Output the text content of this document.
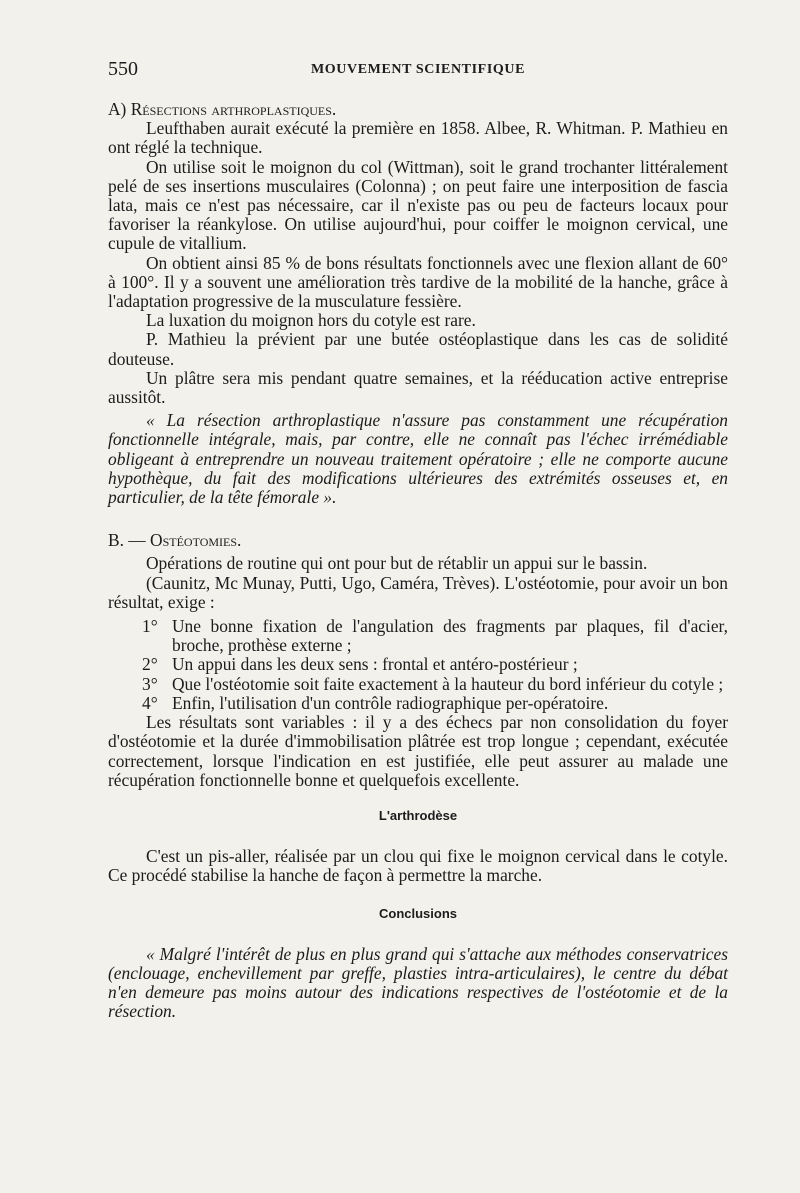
550	MOUVEMENT SCIENTIFIQUE

A) Résections arthroplastiques.

Leufthaben aurait exécuté la première en 1858. Albee, R. Whitman. P. Mathieu en ont réglé la technique.

On utilise soit le moignon du col (Wittman), soit le grand trochanter littéralement pelé de ses insertions musculaires (Colonna) ; on peut faire une interposition de fascia lata, mais ce n'est pas nécessaire, car il n'existe pas ou peu de facteurs locaux pour favoriser la réankylose. On utilise aujourd'hui, pour coiffer le moignon cervical, une cupule de vitallium.

On obtient ainsi 85 % de bons résultats fonctionnels avec une flexion allant de 60° à 100°. Il y a souvent une amélioration très tardive de la mobilité de la hanche, grâce à l'adaptation progressive de la musculature fessière.

La luxation du moignon hors du cotyle est rare.

P. Mathieu la prévient par une butée ostéoplastique dans les cas de solidité douteuse.

Un plâtre sera mis pendant quatre semaines, et la rééducation active entreprise aussitôt.

« La résection arthroplastique n'assure pas constamment une récupération fonctionnelle intégrale, mais, par contre, elle ne connaît pas l'échec irrémédiable obligeant à entreprendre un nouveau traitement opératoire ; elle ne comporte aucune hypothèque, du fait des modifications ultérieures des extrémités osseuses et, en particulier, de la tête fémorale ».

B. — Ostéotomies.

Opérations de routine qui ont pour but de rétablir un appui sur le bassin.

(Caunitz, Mc Munay, Putti, Ugo, Caméra, Trèves). L'ostéotomie, pour avoir un bon résultat, exige :

1° Une bonne fixation de l'angulation des fragments par plaques, fil d'acier, broche, prothèse externe ;
2° Un appui dans les deux sens : frontal et antéro-postérieur ;
3° Que l'ostéotomie soit faite exactement à la hauteur du bord inférieur du cotyle ;
4° Enfin, l'utilisation d'un contrôle radiographique per-opératoire.

Les résultats sont variables : il y a des échecs par non consolidation du foyer d'ostéotomie et la durée d'immobilisation plâtrée est trop longue ; cependant, exécutée correctement, lorsque l'indication en est justifiée, elle peut assurer au malade une récupération fonctionnelle bonne et quelquefois excellente.

L'arthrodèse

C'est un pis-aller, réalisée par un clou qui fixe le moignon cervical dans le cotyle. Ce procédé stabilise la hanche de façon à permettre la marche.

Conclusions

« Malgré l'intérêt de plus en plus grand qui s'attache aux méthodes conservatrices (enclouage, enchevillement par greffe, plasties intra-articulaires), le centre du débat n'en demeure pas moins autour des indications respectives de l'ostéotomie et de la résection.
